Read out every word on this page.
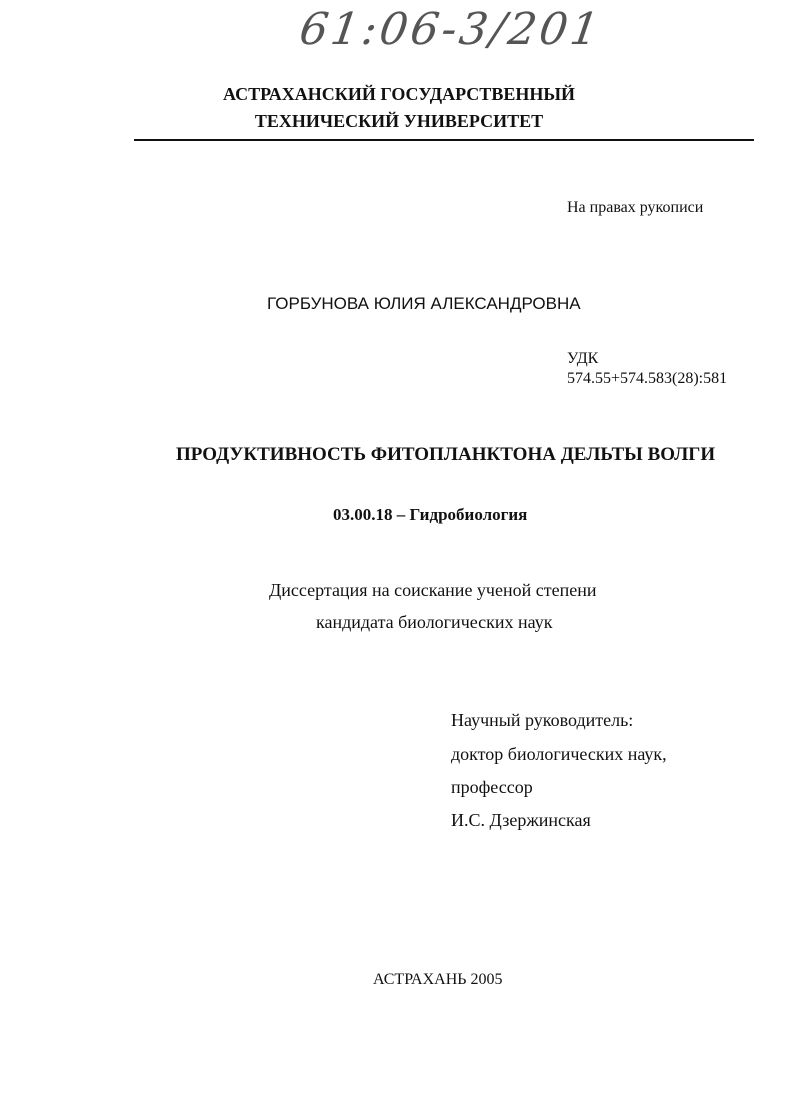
61:06-3/201
АСТРАХАНСКИЙ ГОСУДАРСТВЕННЫЙ
ТЕХНИЧЕСКИЙ УНИВЕРСИТЕТ
На правах рукописи
ГОРБУНОВА ЮЛИЯ АЛЕКСАНДРОВНА
УДК
574.55+574.583(28):581
ПРОДУКТИВНОСТЬ ФИТОПЛАНКТОНА ДЕЛЬТЫ ВОЛГИ
03.00.18 – Гидробиология
Диссертация на соискание ученой степени
кандидата биологических наук
Научный руководитель:
доктор биологических наук,
профессор
И.С. Дзержинская
АСТРАХАНЬ 2005
